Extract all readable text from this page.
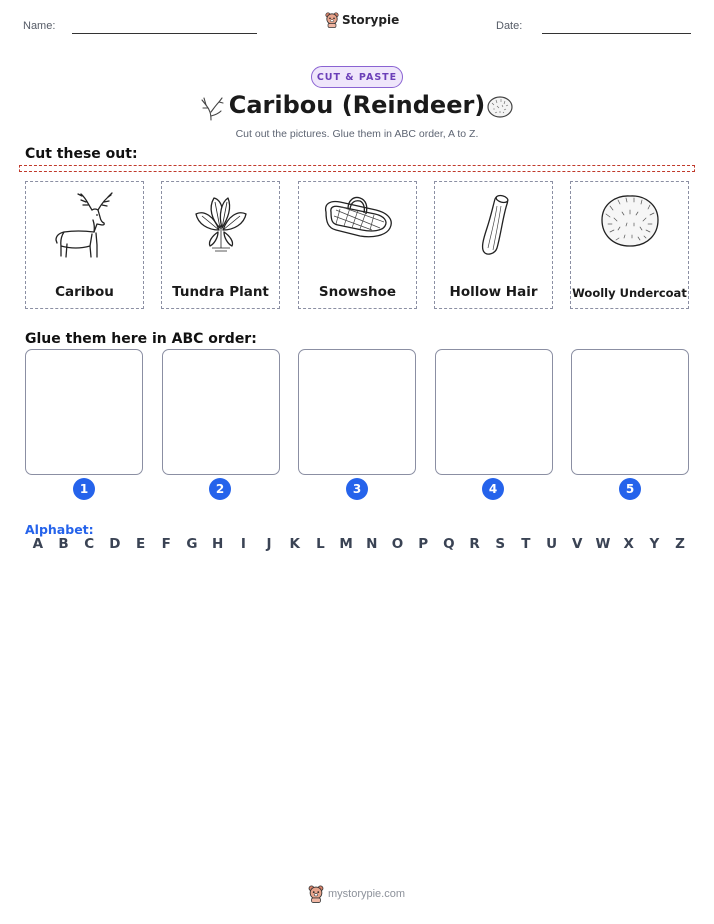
Name:	Storypie	Date:
CUT & PASTE
Caribou (Reindeer)
Cut out the pictures. Glue them in ABC order, A to Z.
Cut these out:
Caribou	Tundra Plant	Snowshoe	Hollow Hair	Woolly Undercoat
Glue them here in ABC order:
1	2	3	4	5
Alphabet:
A	B	C	D	E	F	G	H	I	J	K	L	M N	O	P	Q	R	S	T	U	V W X	Y	Z
mystorypie.com
